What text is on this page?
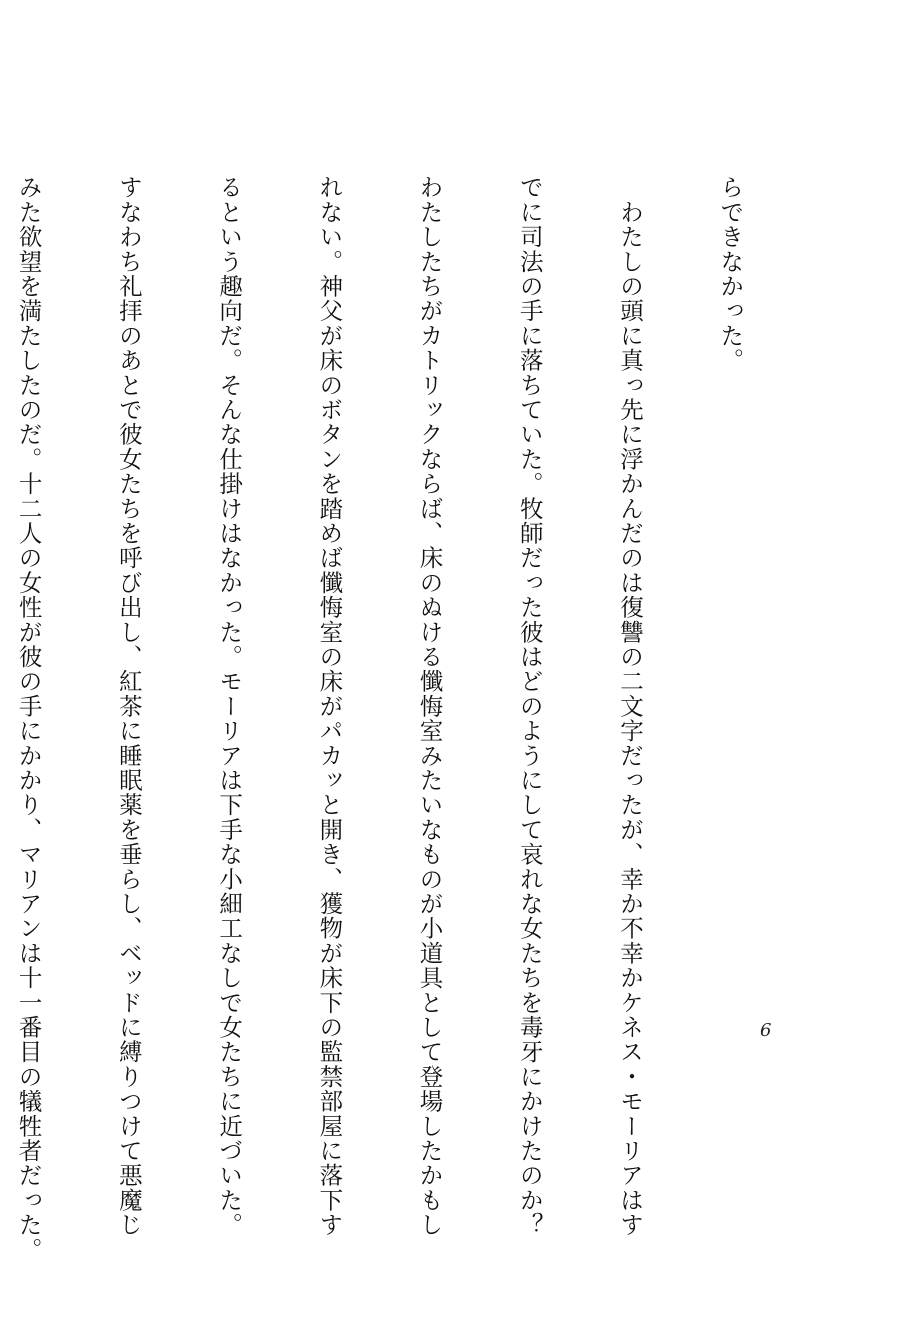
らできなかった。

　わたしの頭に真っ先に浮かんだのは復讐の二文字だったが、幸か不幸かケネス・モーリアはす

でに司法の手に落ちていた。牧師だった彼はどのようにして哀れな女たちを毒牙にかけたのか？

わたしたちがカトリックならば、床のぬける懺悔室みたいなものが小道具として登場したかもし

れない。神父が床のボタンを踏めば懺悔室の床がパカッと開き、獲物が床下の監禁部屋に落下す

るという趣向だ。そんな仕掛けはなかった。モーリアは下手な小細工なしで女たちに近づいた。

すなわち礼拝のあとで彼女たちを呼び出し、紅茶に睡眠薬を垂らし、ベッドに縛りつけて悪魔じ

みた欲望を満たしたのだ。十二人の女性が彼の手にかかり、マリアンは十一番目の犠牲者だった。

	6
